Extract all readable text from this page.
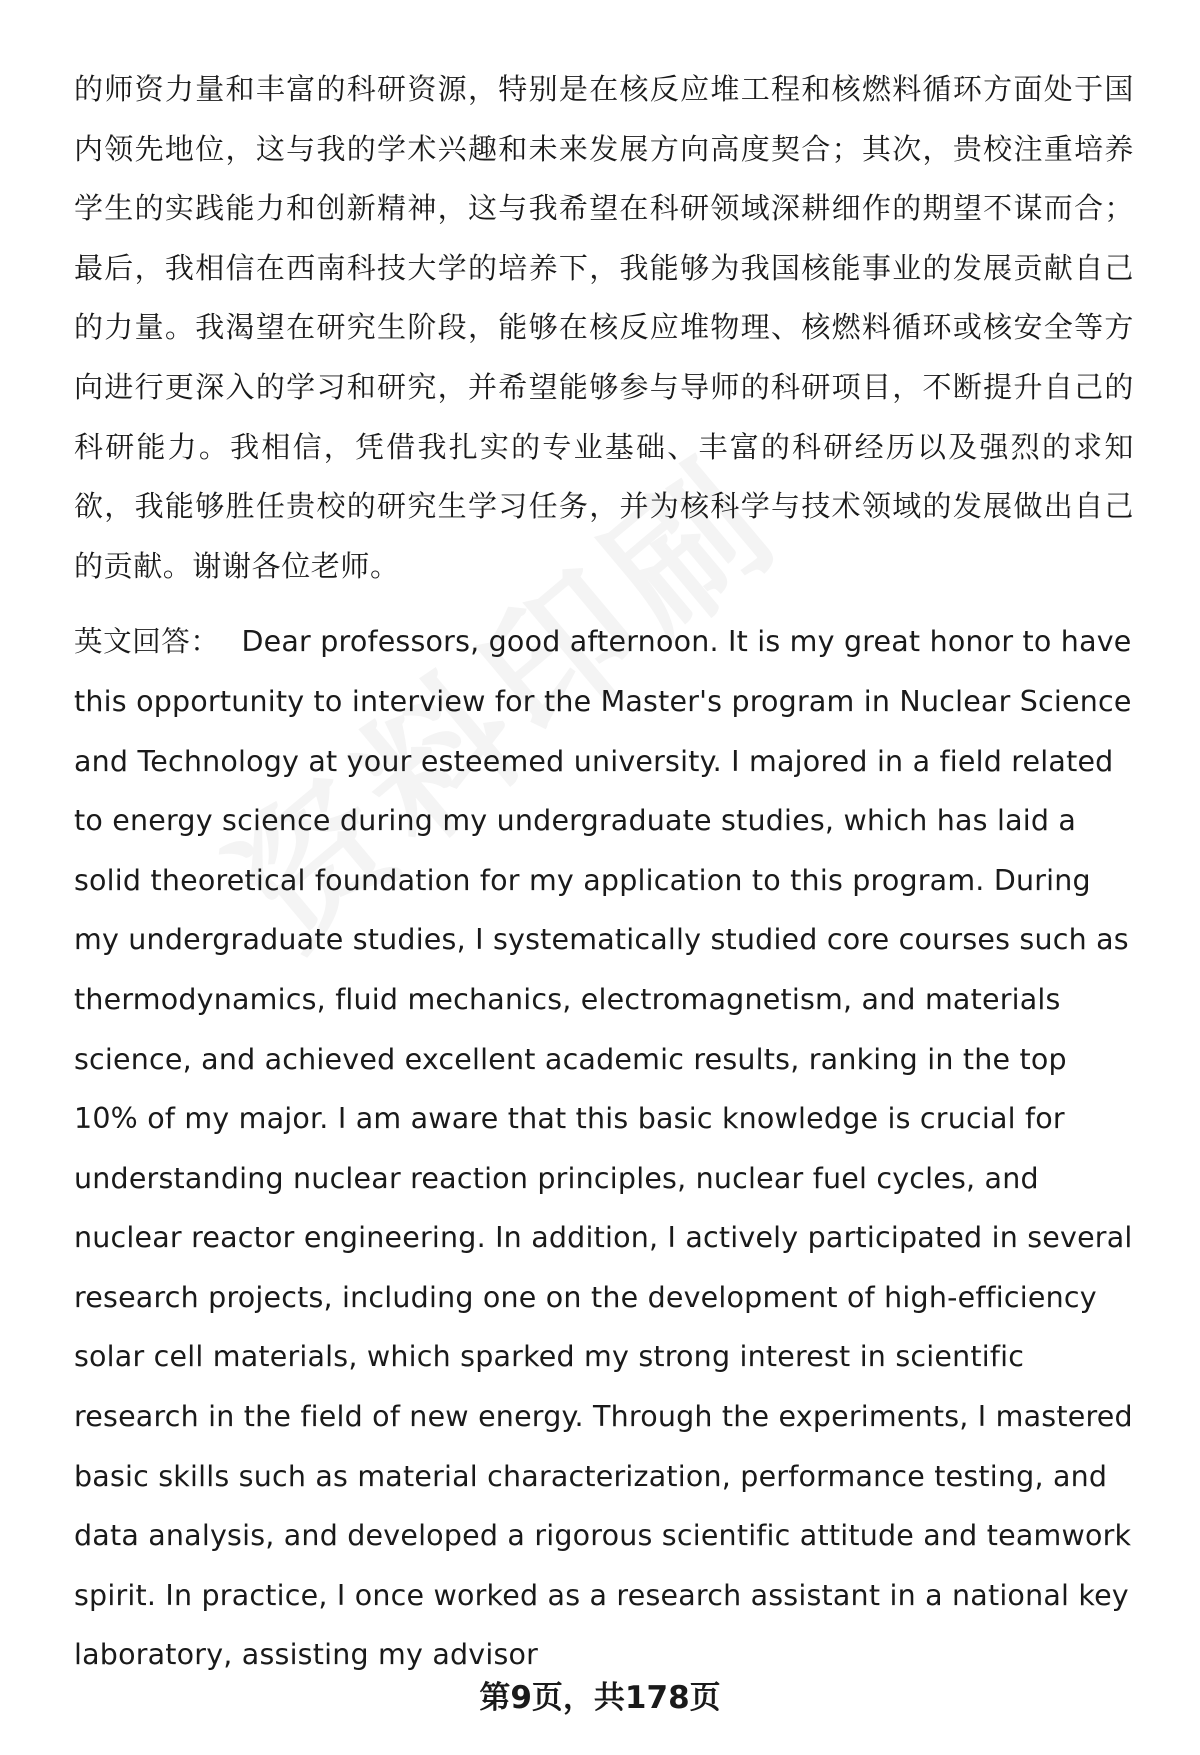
的师资力量和丰富的科研资源，特别是在核反应堆工程和核燃料循环方面处于国内领先地位，这与我的学术兴趣和未来发展方向高度契合；其次，贵校注重培养学生的实践能力和创新精神，这与我希望在科研领域深耕细作的期望不谋而合；最后，我相信在西南科技大学的培养下，我能够为我国核能事业的发展贡献自己的力量。我渴望在研究生阶段，能够在核反应堆物理、核燃料循环或核安全等方向进行更深入的学习和研究，并希望能够参与导师的科研项目，不断提升自己的科研能力。我相信，凭借我扎实的专业基础、丰富的科研经历以及强烈的求知欲，我能够胜任贵校的研究生学习任务，并为核科学与技术领域的发展做出自己的贡献。谢谢各位老师。

英文回答： Dear professors, good afternoon. It is my great honor to have this opportunity to interview for the Master's program in Nuclear Science and Technology at your esteemed university. I majored in a field related to energy science during my undergraduate studies, which has laid a solid theoretical foundation for my application to this program. During my undergraduate studies, I systematically studied core courses such as thermodynamics, fluid mechanics, electromagnetism, and materials science, and achieved excellent academic results, ranking in the top 10% of my major. I am aware that this basic knowledge is crucial for understanding nuclear reaction principles, nuclear fuel cycles, and nuclear reactor engineering. In addition, I actively participated in several research projects, including one on the development of high-efficiency solar cell materials, which sparked my strong interest in scientific research in the field of new energy. Through the experiments, I mastered basic skills such as material characterization, performance testing, and data analysis, and developed a rigorous scientific attitude and teamwork spirit. In practice, I once worked as a research assistant in a national key laboratory, assisting my advisor

第9页，共178页
